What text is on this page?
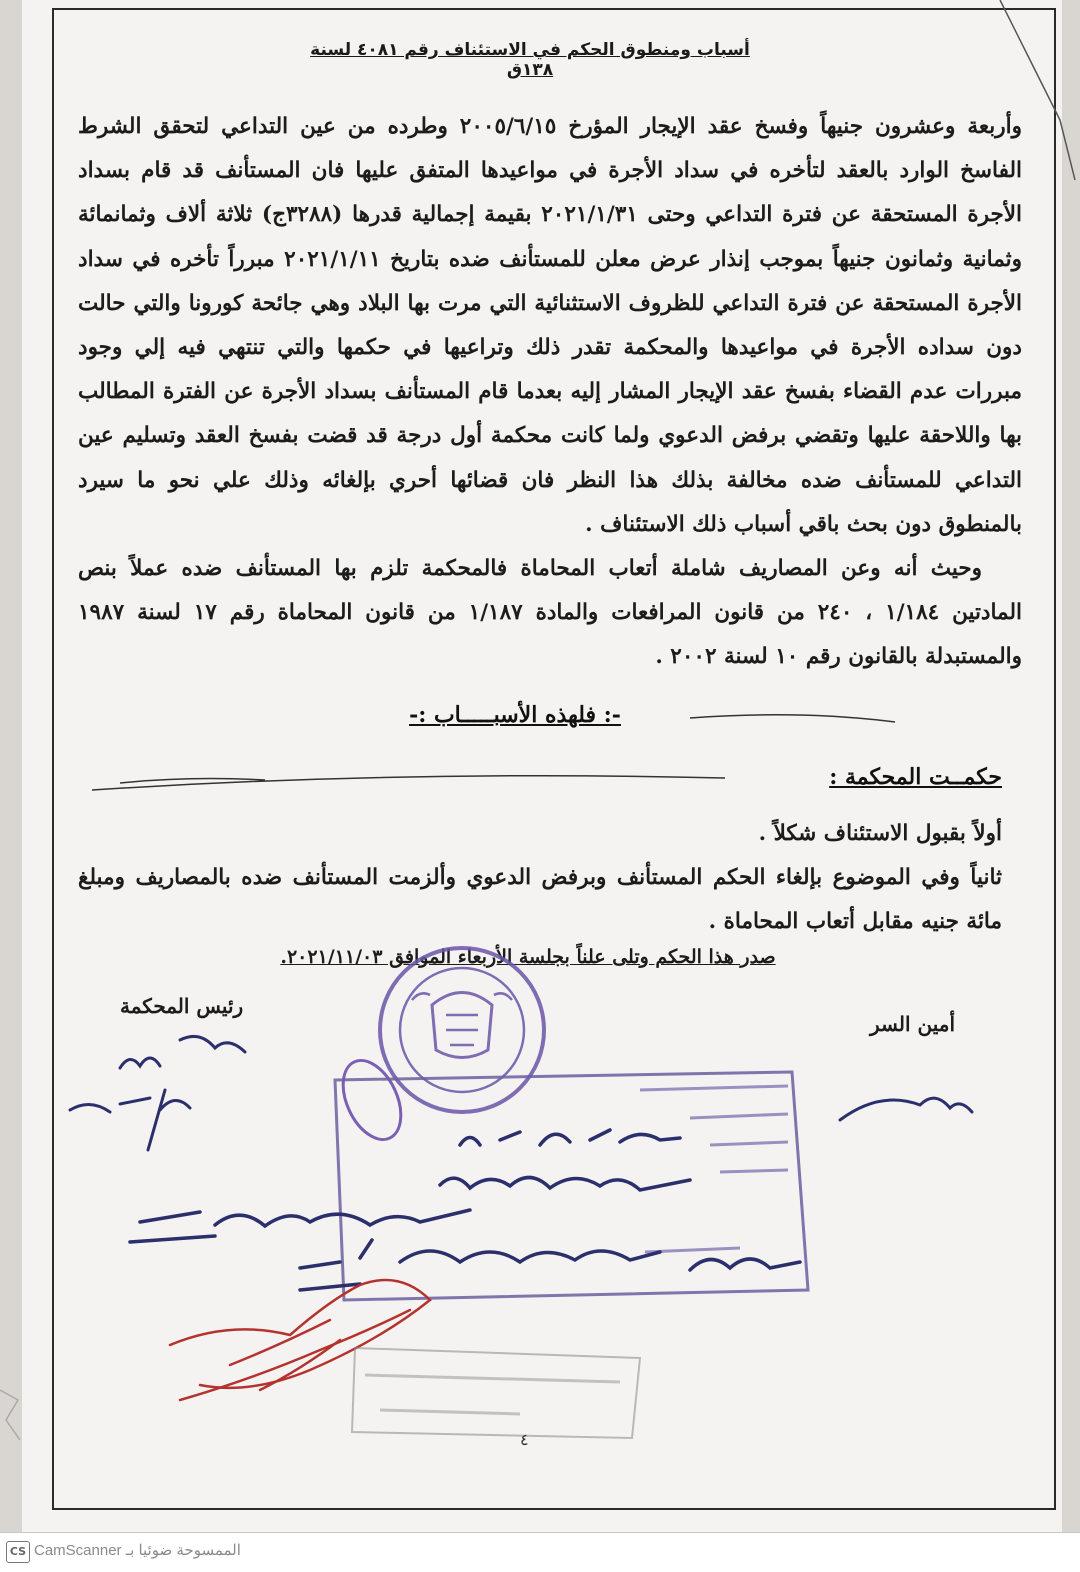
أسباب ومنطوق الحكم في الاستئناف رقم ٤٠٨١ لسنة ١٣٨ق

وأربعة وعشرون جنيهاً وفسخ عقد الإيجار المؤرخ ٢٠٠٥/٦/١٥ وطرده من عين التداعي لتحقق الشرط الفاسخ الوارد بالعقد لتأخره في سداد الأجرة في مواعيدها المتفق عليها فان المستأنف قد قام بسداد الأجرة المستحقة عن فترة التداعي وحتى ٢٠٢١/١/٣١ بقيمة إجمالية قدرها (٣٢٨٨ج) ثلاثة ألاف وثمانمائة وثمانية وثمانون جنيهاً بموجب إنذار عرض معلن للمستأنف ضده بتاريخ ٢٠٢١/١/١١ مبرراً تأخره في سداد الأجرة المستحقة عن فترة التداعي للظروف الاستثنائية التي مرت بها البلاد وهي جائحة كورونا والتي حالت دون سداده الأجرة في مواعيدها والمحكمة تقدر ذلك وتراعيها في حكمها والتي تنتهي فيه إلي وجود مبررات عدم القضاء بفسخ عقد الإيجار المشار إليه بعدما قام المستأنف بسداد الأجرة عن الفترة المطالب بها واللاحقة عليها وتقضي برفض الدعوي ولما كانت محكمة أول درجة قد قضت بفسخ العقد وتسليم عين التداعي للمستأنف ضده مخالفة بذلك هذا النظر فان قضائها أحري بإلغائه وذلك علي نحو ما سيرد بالمنطوق دون بحث باقي أسباب ذلك الاستئناف .

وحيث أنه وعن المصاريف شاملة أتعاب المحاماة فالمحكمة تلزم بها المستأنف ضده عملاً بنص المادتين ١/١٨٤ ، ٢٤٠ من قانون المرافعات والمادة ١/١٨٧ من قانون المحاماة رقم ١٧ لسنة ١٩٨٧ والمستبدلة بالقانون رقم ١٠ لسنة ٢٠٠٢ .

-: فلهذه الأسبـــــاب :-
حكمــت المحكمة :

أولاً بقبول الاستئناف شكلاً .

ثانياً وفي الموضوع بإلغاء الحكم المستأنف وبرفض الدعوي وألزمت المستأنف ضده بالمصاريف ومبلغ مائة جنيه مقابل أتعاب المحاماة .

صدر هذا الحكم وتلى علناً بجلسة الأربعاء الموافق ٢٠٢١/١١/٠٣.
رئيس المحكمة
أمين السر
٤
CS الممسوحة ضوئيا بـ CamScanner
